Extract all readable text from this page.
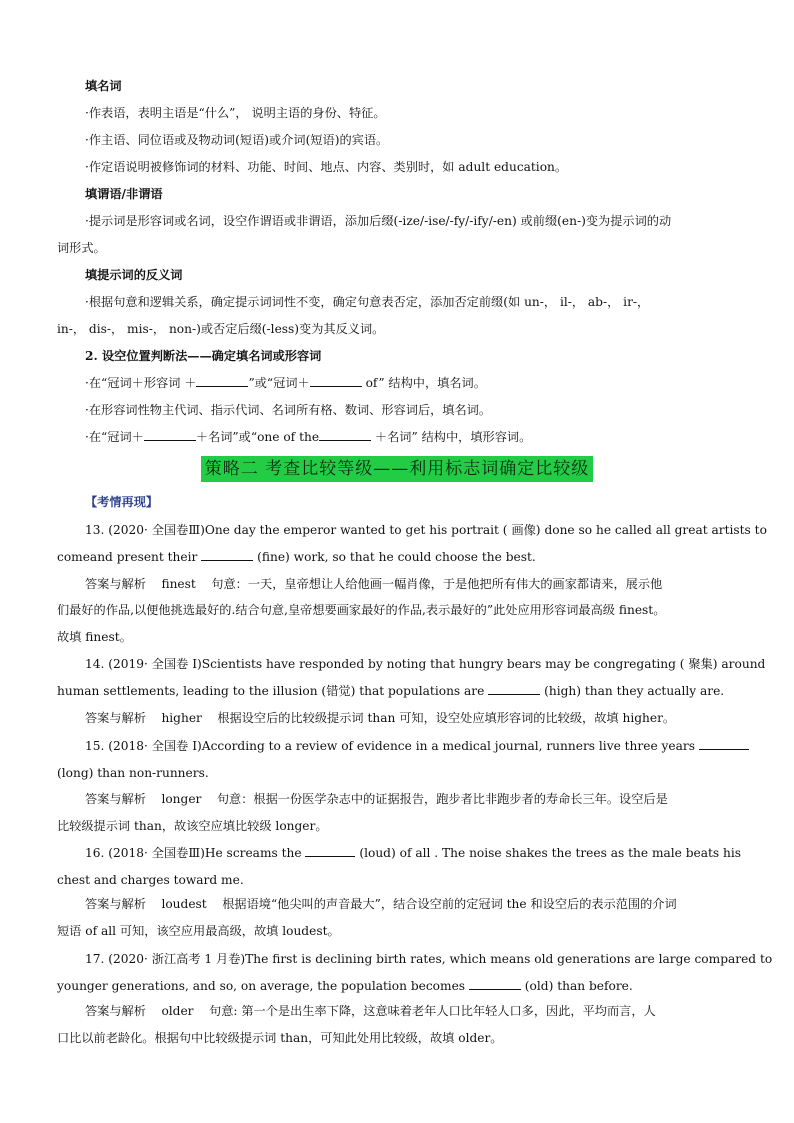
填名词
·作表语，表明主语是“什么”， 说明主语的身份、特征。
·作主语、同位语或及物动词(短语)或介词(短语)的宾语。
·作定语说明被修饰词的材料、功能、时间、地点、内容、类别时，如 adult education。
填谓语/非谓语
·提示词是形容词或名词，设空作谓语或非谓语，添加后缀(-ize/-ise/-fy/-ify/-en) 或前缀(en-)变为提示词的动
词形式。
填提示词的反义词
·根据句意和逻辑关系，确定提示词词性不变，确定句意表否定，添加否定前缀(如 un-， il-， ab-， ir-，
in-， dis-， mis-， non-)或否定后缀(-less)变为其反义词。
2. 设空位置判断法——确定填名词或形容词
·在“冠词＋形容词 ＋	”或“冠词＋	of” 结构中，填名词。
·在形容词性物主代词、指示代词、名词所有格、数词、形容词后，填名词。
·在“冠词＋	＋名词”或“one of the	＋名词” 结构中，填形容词。
策略二 考查比较等级——利用标志词确定比较级
【考情再现】
13. (2020· 全国卷Ⅲ)One day the emperor wanted to get his portrait ( 画像) done so he called all great artists to
comeand present their	(fine) work, so that he could choose the best.
答案与解析 finest 句意：一天，皇帝想让人给他画一幅肖像，于是他把所有伟大的画家都请来，展示他
们最好的作品,以便他挑选最好的.结合句意,皇帝想要画家最好的作品,表示最好的”此处应用形容词最高级 finest。
故填 finest。
14. (2019· 全国卷 Ⅰ)Scientists have responded by noting that hungry bears may be congregating ( 聚集) around
human settlements, leading to the illusion (错觉) that populations are	(high) than they actually are.
答案与解析 higher 根据设空后的比较级提示词 than 可知，设空处应填形容词的比较级，故填 higher。
15. (2018· 全国卷 Ⅰ)According to a review of evidence in a medical journal, runners live three years
(long) than non-runners.
答案与解析 longer 句意：根据一份医学杂志中的证据报告，跑步者比非跑步者的寿命长三年。设空后是
比较级提示词 than，故该空应填比较级 longer。
16. (2018· 全国卷Ⅲ)He screams the	(loud) of all . The noise shakes the trees as the male beats his
chest and charges toward me.
答案与解析 loudest 根据语境“他尖叫的声音最大”，结合设空前的定冠词 the 和设空后的表示范围的介词
短语 of all 可知，该空应用最高级，故填 loudest。
17. (2020· 浙江高考 1 月卷)The first is declining birth rates, which means old generations are large compared to
younger generations, and so, on average, the population becomes	(old) than before.
答案与解析 older 句意: 第一个是出生率下降，这意味着老年人口比年轻人口多，因此，平均而言，人
口比以前老龄化。根据句中比较级提示词 than，可知此处用比较级，故填 older。
